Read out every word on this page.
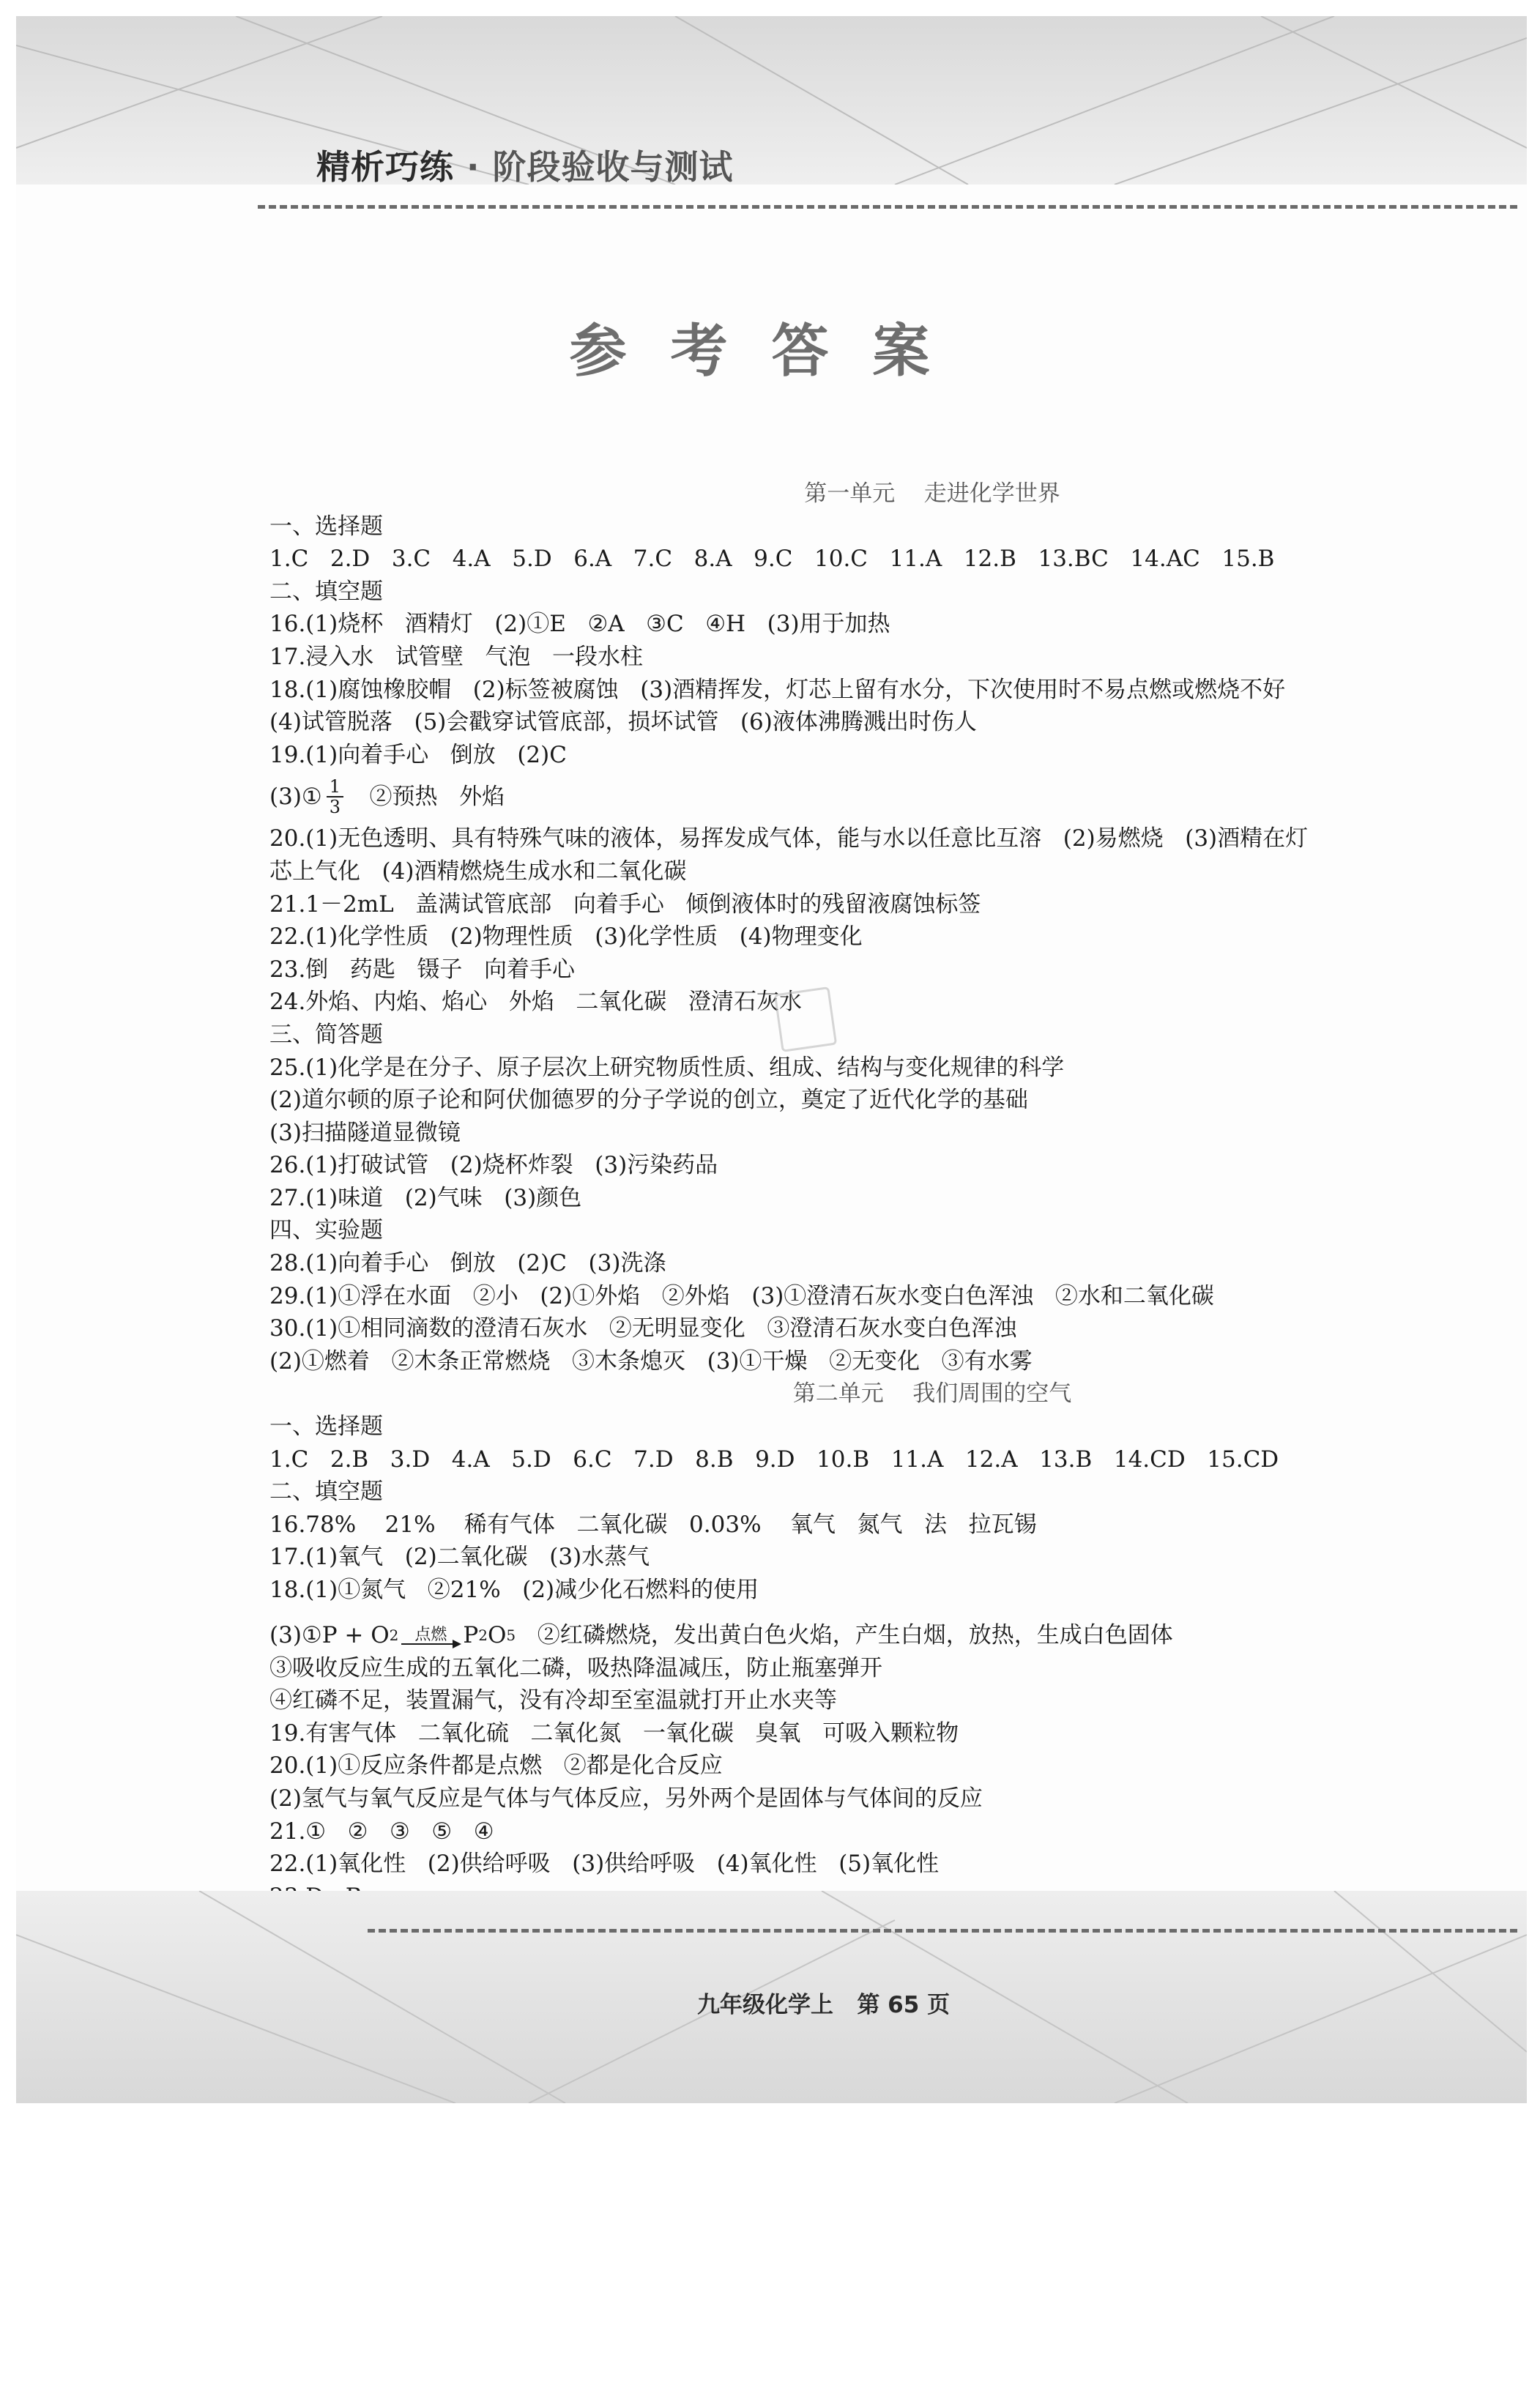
精析巧练 · 阶段验收与测试
参考答案
第一单元    走进化学世界
一、选择题
1.C   2.D   3.C   4.A   5.D   6.A   7.C   8.A   9.C   10.C   11.A   12.B   13.BC   14.AC   15.B
二、填空题
16.(1)烧杯   酒精灯   (2)①E   ②A   ③C   ④H   (3)用于加热
17.浸入水   试管壁   气泡   一段水柱
18.(1)腐蚀橡胶帽   (2)标签被腐蚀   (3)酒精挥发，灯芯上留有水分，下次使用时不易点燃或燃烧不好
(4)试管脱落   (5)会戳穿试管底部，损坏试管   (6)液体沸腾溅出时伤人
19.(1)向着手心   倒放   (2)C
(3)① $\frac{1}{3}$ ②预热   外焰
20.(1)无色透明、具有特殊气味的液体，易挥发成气体，能与水以任意比互溶   (2)易燃烧   (3)酒精在灯
芯上气化   (4)酒精燃烧生成水和二氧化碳
21.1－2mL   盖满试管底部   向着手心   倾倒液体时的残留液腐蚀标签
22.(1)化学性质   (2)物理性质   (3)化学性质   (4)物理变化
23.倒   药匙   镊子   向着手心
24.外焰、内焰、焰心   外焰   二氧化碳   澄清石灰水
三、简答题
25.(1)化学是在分子、原子层次上研究物质性质、组成、结构与变化规律的科学
(2)道尔顿的原子论和阿伏伽德罗的分子学说的创立，奠定了近代化学的基础
(3)扫描隧道显微镜
26.(1)打破试管   (2)烧杯炸裂   (3)污染药品
27.(1)味道   (2)气味   (3)颜色
四、实验题
28.(1)向着手心   倒放   (2)C   (3)洗涤
29.(1)①浮在水面   ②小   (2)①外焰   ②外焰   (3)①澄清石灰水变白色浑浊   ②水和二氧化碳
30.(1)①相同滴数的澄清石灰水   ②无明显变化   ③澄清石灰水变白色浑浊
(2)①燃着   ②木条正常燃烧   ③木条熄灭   (3)①干燥   ②无变化   ③有水雾
第二单元    我们周围的空气
一、选择题
1.C   2.B   3.D   4.A   5.D   6.C   7.D   8.B   9.D   10.B   11.A   12.A   13.B   14.CD   15.CD
二、填空题
16.78%    21%    稀有气体   二氧化碳   0.03%    氧气   氮气   法   拉瓦锡
17.(1)氧气   (2)二氧化碳   (3)水蒸气
18.(1)①氮气   ②21%   (2)减少化石燃料的使用
(3)①P + O 2 点燃 P 2 O 5 ②红磷燃烧，发出黄白色火焰，产生白烟，放热，生成白色固体
③吸收反应生成的五氧化二磷，吸热降温减压，防止瓶塞弹开
④红磷不足，装置漏气，没有冷却至室温就打开止水夹等
19.有害气体   二氧化硫   二氧化氮   一氧化碳   臭氧   可吸入颗粒物
20.(1)①反应条件都是点燃   ②都是化合反应
(2)氢气与氧气反应是气体与气体反应，另外两个是固体与气体间的反应
21.①   ②   ③   ⑤   ④
22.(1)氧化性   (2)供给呼吸   (3)供给呼吸   (4)氧化性   (5)氧化性
九年级化学上   第 65 页
